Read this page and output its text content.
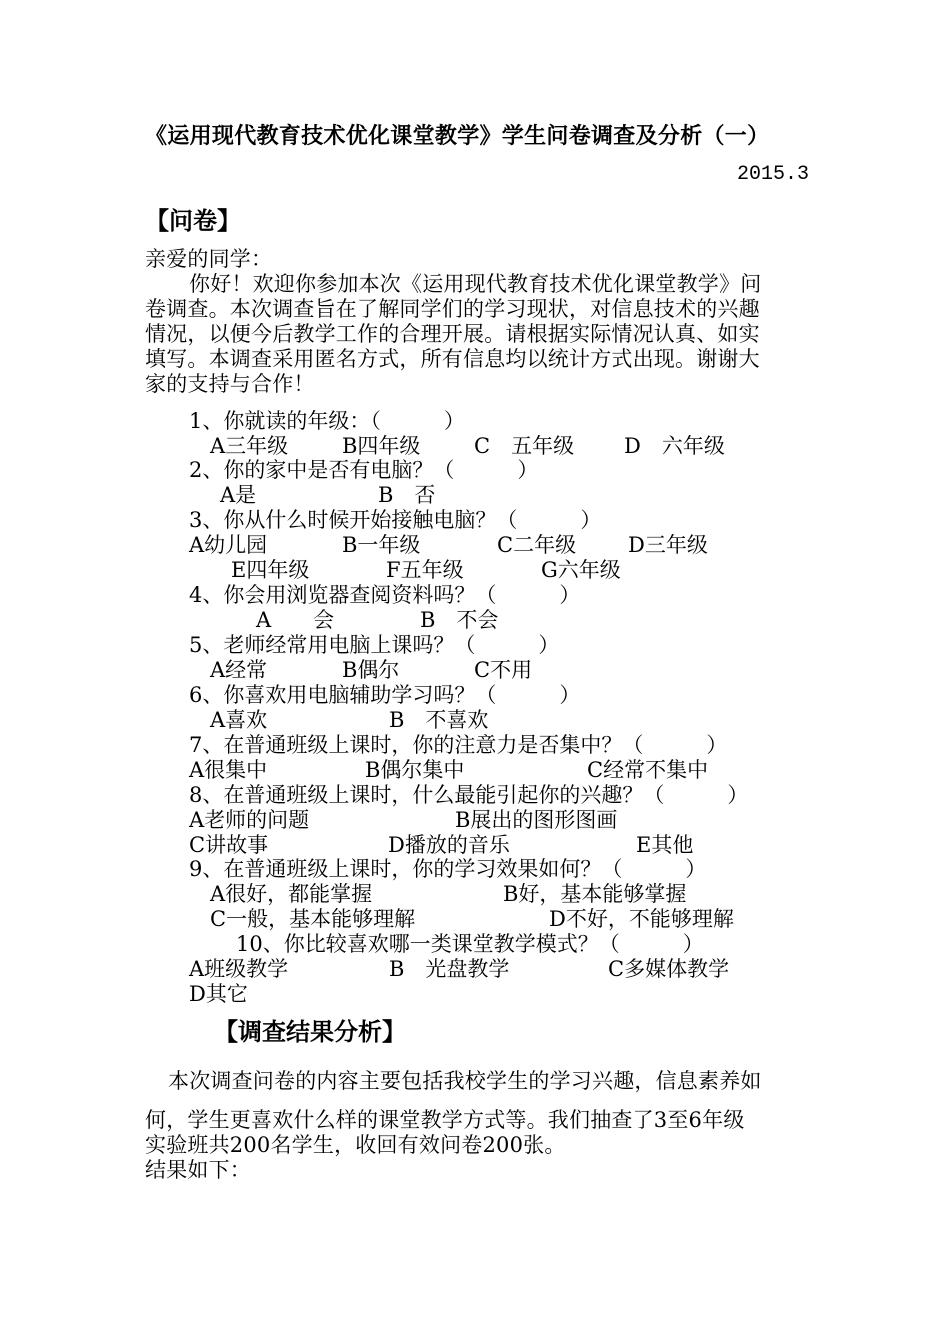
《运用现代教育技术优化课堂教学》学生问卷调查及分析（一）
2015.3
【问卷】
亲爱的同学：
你好！欢迎你参加本次《运用现代教育技术优化课堂教学》问
卷调查。本次调查旨在了解同学们的学习现状，对信息技术的兴趣
情况，以便今后教学工作的合理开展。请根据实际情况认真、如实
填写。本调查采用匿名方式，所有信息均以统计方式出现。谢谢大
家的支持与合作！
1、你就读的年级：（　　　）
A三年级	B四年级	C　五年级 D　六年级
2、你的家中是否有电脑？（　　　）
A是	B　否
3、你从什么时候开始接触电脑？（　　　）
A幼儿园	B一年级	C二年级 D三年级
E四年级	F五年级	G六年级
4、你会用浏览器查阅资料吗？（　　　）
A　　会	B　不会
5、老师经常用电脑上课吗？（　　　）
A经常	B偶尔	C不用
6、你喜欢用电脑辅助学习吗？（　　　）
A喜欢	B　不喜欢
7、在普通班级上课时，你的注意力是否集中？（　　　）
A很集中	B偶尔集中	C经常不集中
8、在普通班级上课时，什么最能引起你的兴趣？（　　　）
A老师的问题	B展出的图形图画
C讲故事	D播放的音乐	E其他
9、在普通班级上课时，你的学习效果如何？（　　　）
A很好，都能掌握	B好，基本能够掌握
C一般，基本能够理解	D不好，不能够理解
10、你比较喜欢哪一类课堂教学模式？（　　　）
A班级教学	B　光盘教学	C多媒体教学
D其它
【调查结果分析】
本次调查问卷的内容主要包括我校学生的学习兴趣，信息素养如
何，学生更喜欢什么样的课堂教学方式等。我们抽查了3至6年级
实验班共200名学生，收回有效问卷200张。
结果如下：
